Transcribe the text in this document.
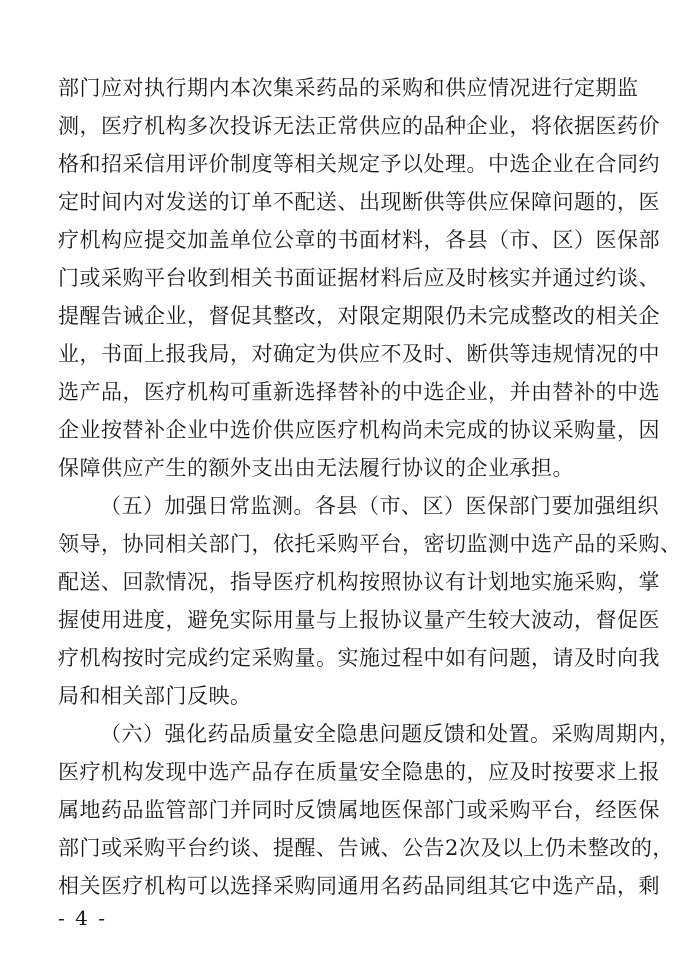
部门应对执行期内本次集采药品的采购和供应情况进行定期监
测，医疗机构多次投诉无法正常供应的品种企业，将依据医药价
格和招采信用评价制度等相关规定予以处理。中选企业在合同约
定时间内对发送的订单不配送、出现断供等供应保障问题的，医
疗机构应提交加盖单位公章的书面材料，各县（市、区）医保部
门或采购平台收到相关书面证据材料后应及时核实并通过约谈、
提醒告诫企业，督促其整改，对限定期限仍未完成整改的相关企
业，书面上报我局，对确定为供应不及时、断供等违规情况的中
选产品，医疗机构可重新选择替补的中选企业，并由替补的中选
企业按替补企业中选价供应医疗机构尚未完成的协议采购量，因
保障供应产生的额外支出由无法履行协议的企业承担。
（五）加强日常监测。各县（市、区）医保部门要加强组织
领导，协同相关部门，依托采购平台，密切监测中选产品的采购、
配送、回款情况，指导医疗机构按照协议有计划地实施采购，掌
握使用进度，避免实际用量与上报协议量产生较大波动，督促医
疗机构按时完成约定采购量。实施过程中如有问题，请及时向我
局和相关部门反映。
（六）强化药品质量安全隐患问题反馈和处置。采购周期内，
医疗机构发现中选产品存在质量安全隐患的，应及时按要求上报
属地药品监管部门并同时反馈属地医保部门或采购平台，经医保
部门或采购平台约谈、提醒、告诫、公告2次及以上仍未整改的，
相关医疗机构可以选择采购同通用名药品同组其它中选产品，剩
- 4 -
